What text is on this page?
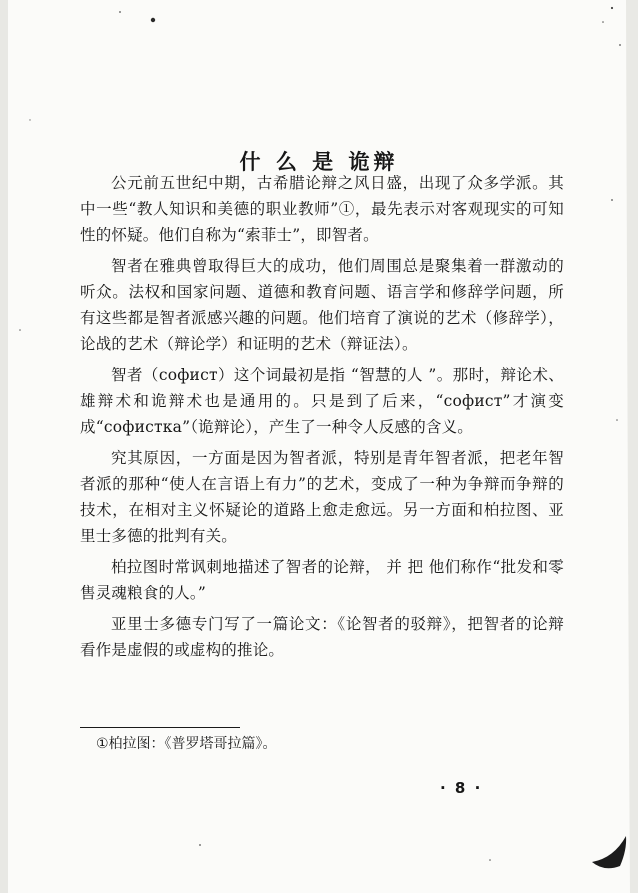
什 么 是 诡辩

公元前五世纪中期，古希腊论辩之风日盛，出现了众多学派。其中一些“教人知识和美德的职业教师”①，最先表示对客观现实的可知性的怀疑。他们自称为“索菲士”，即智者。

智者在雅典曾取得巨大的成功，他们周围总是聚集着一群激动的听众。法权和国家问题、道德和教育问题、语言学和修辞学问题，所有这些都是智者派感兴趣的问题。他们培育了演说的艺术（修辞学），论战的艺术（辩论学）和证明的艺术（辩证法）。

智者（софист）这个词最初是指 “智慧的人 ”。那时，辩论术、雄辩术和诡辩术也是通用的。只是到了后来，“софист”才演变成“софистка”（诡辩论），产生了一种令人反感的含义。

究其原因，一方面是因为智者派，特别是青年智者派，把老年智者派的那种“使人在言语上有力”的艺术，变成了一种为争辩而争辩的技术，在相对主义怀疑论的道路上愈走愈远。另一方面和柏拉图、亚里士多德的批判有关。

柏拉图时常讽刺地描述了智者的论辩， 并 把 他们称作“批发和零售灵魂粮食的人。”

亚里士多德专门写了一篇论文：《论智者的驳辩》，把智者的论辩看作是虚假的或虚构的推论。

①柏拉图：《普罗塔哥拉篇》。
· 8 ·
